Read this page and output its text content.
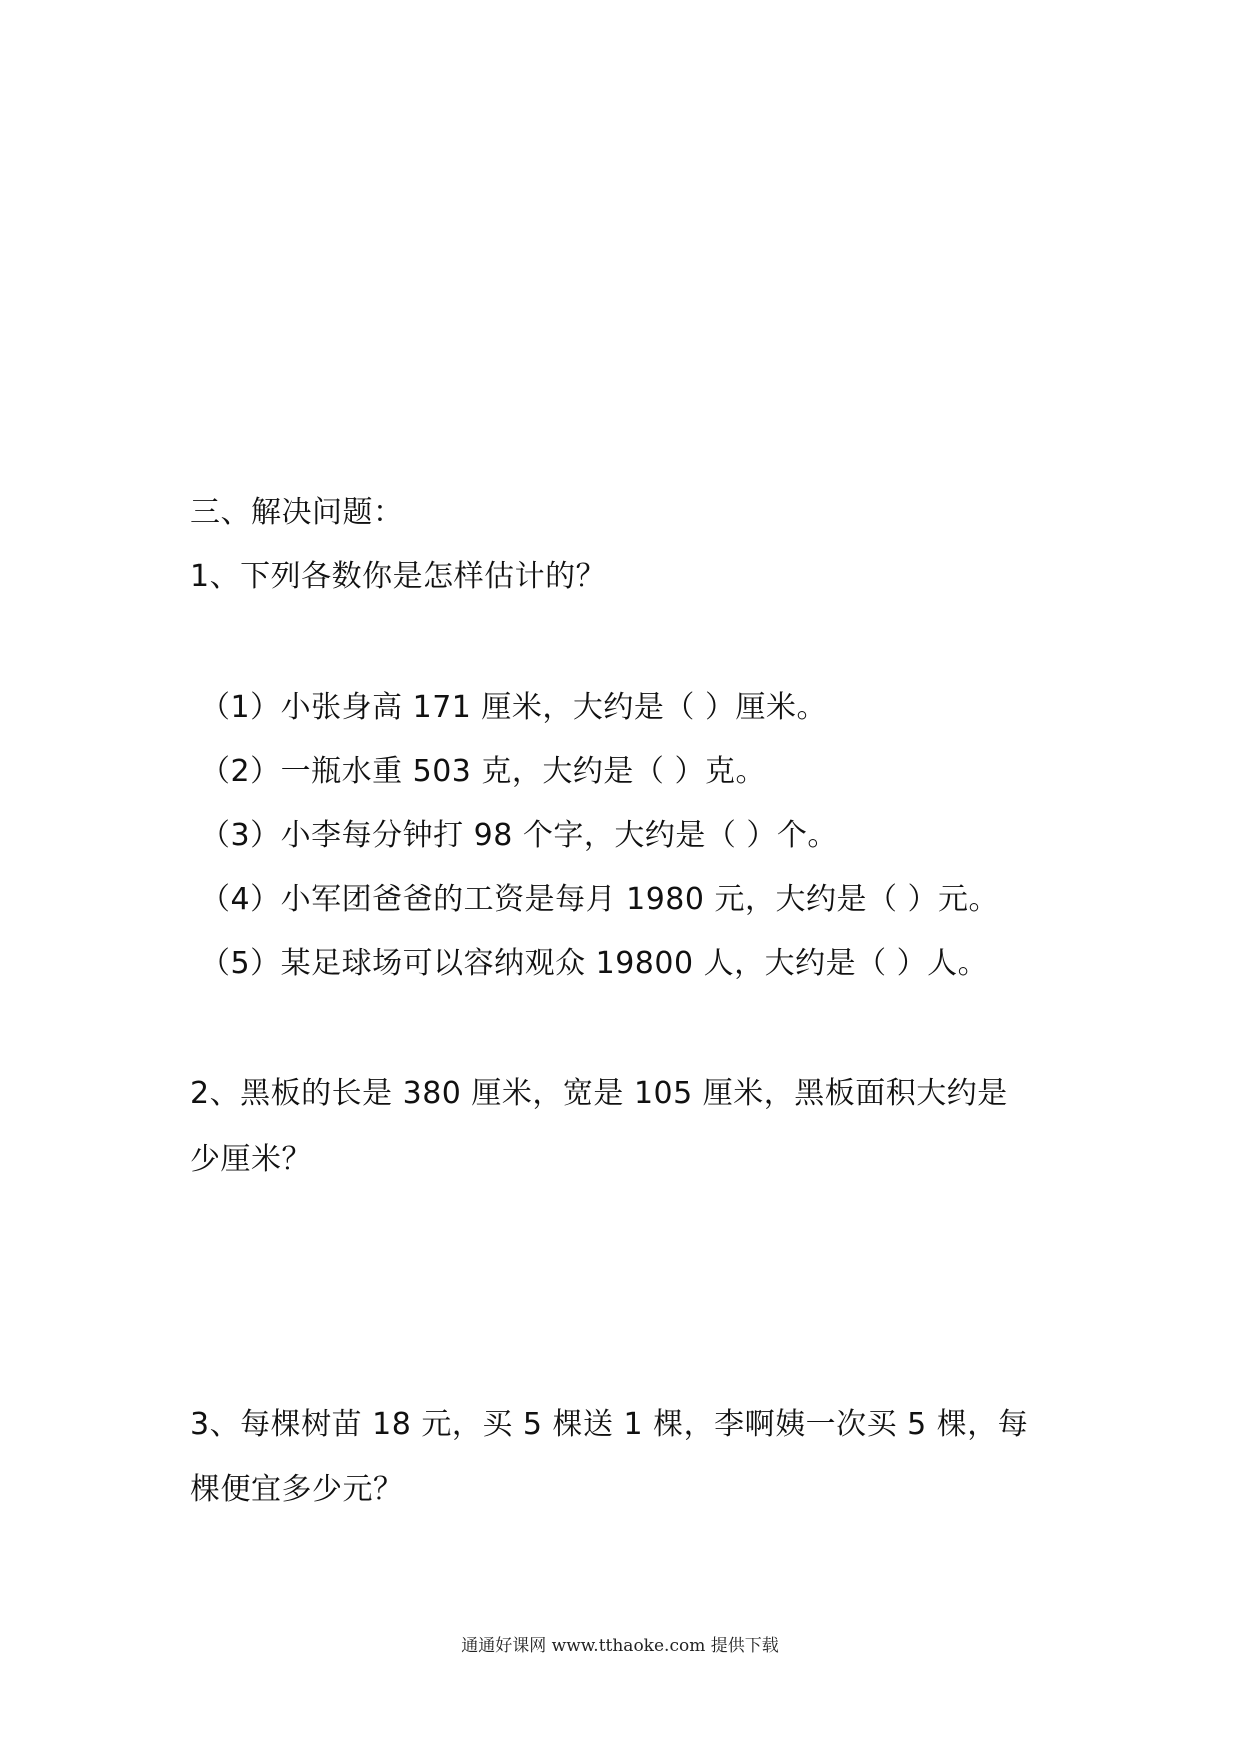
三、解决问题：
1、下列各数你是怎样估计的？
（1）小张身高 171 厘米，大约是（ ）厘米。
（2）一瓶水重 503 克，大约是（ ）克。
（3）小李每分钟打 98 个字，大约是（ ）个。
（4）小军团爸爸的工资是每月 1980 元，大约是（ ）元。
（5）某足球场可以容纳观众 19800 人，大约是（ ）人。
2、黑板的长是 380 厘米，宽是 105 厘米，黑板面积大约是
少厘米？
3、每棵树苗 18 元，买 5 棵送 1 棵，李啊姨一次买 5 棵，每
棵便宜多少元？
通通好课网 www.tthaoke.com 提供下载
